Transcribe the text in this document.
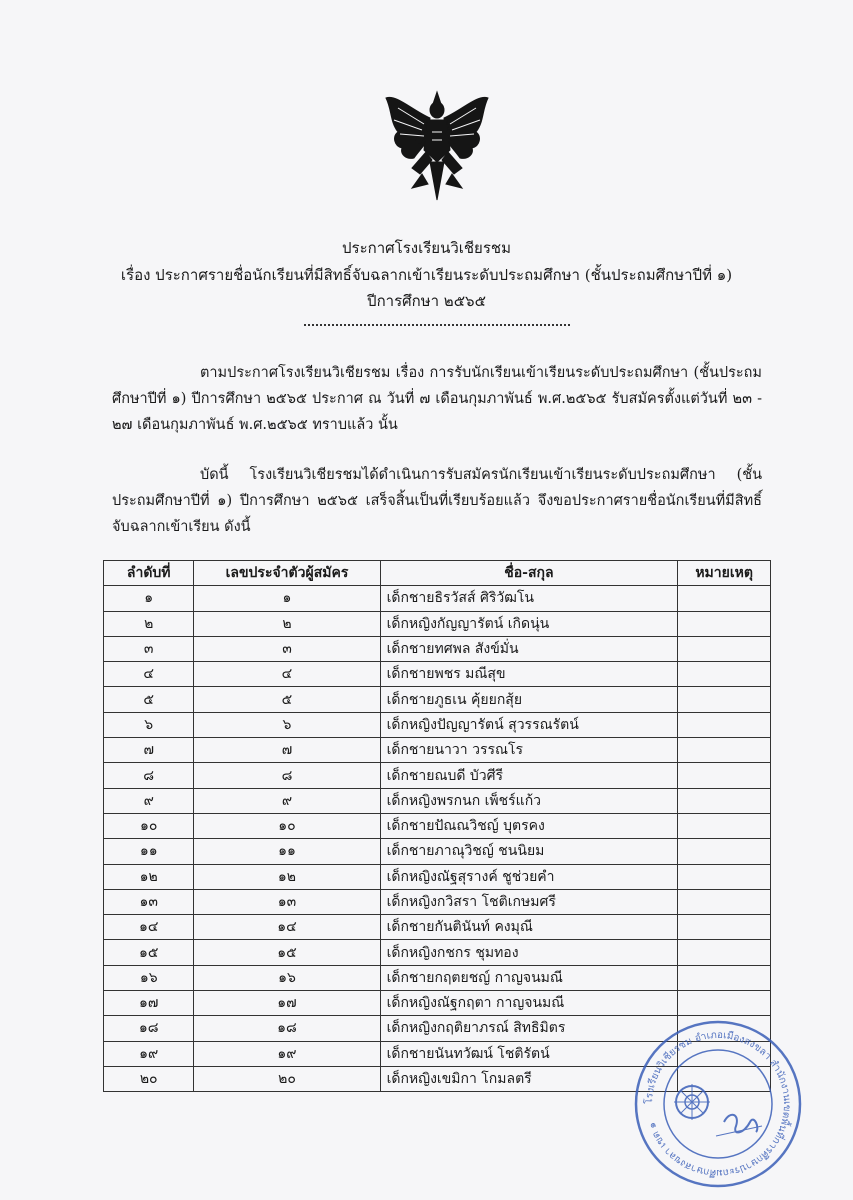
ประกาศโรงเรียนวิเชียรชม
เรื่อง ประกาศรายชื่อนักเรียนที่มีสิทธิ์จับฉลากเข้าเรียนระดับประถมศึกษา (ชั้นประถมศึกษาปีที่ ๑)
ปีการศึกษา ๒๕๖๕
ตามประกาศโรงเรียนวิเชียรชม เรื่อง การรับนักเรียนเข้าเรียนระดับประถมศึกษา (ชั้นประถมศึกษาปีที่ ๑) ปีการศึกษา ๒๕๖๕ ประกาศ ณ วันที่ ๗ เดือนกุมภาพันธ์ พ.ศ.๒๕๖๕ รับสมัครตั้งแต่วันที่ ๒๓ - ๒๗ เดือนกุมภาพันธ์ พ.ศ.๒๕๖๕ ทราบแล้ว นั้น
บัดนี้ โรงเรียนวิเชียรชมได้ดำเนินการรับสมัครนักเรียนเข้าเรียนระดับประถมศึกษา (ชั้นประถมศึกษาปีที่ ๑) ปีการศึกษา ๒๕๖๕ เสร็จสิ้นเป็นที่เรียบร้อยแล้ว จึงขอประกาศรายชื่อนักเรียนที่มีสิทธิ์จับฉลากเข้าเรียน ดังนี้
ลำดับที่	เลขประจำตัวผู้สมัคร	ชื่อ-สกุล	หมายเหตุ
๑	๑	เด็กชายธิรวัสส์ ศิริวัฒโน	
๒	๒	เด็กหญิงกัญญารัตน์ เกิดนุ่น	
๓	๓	เด็กชายทศพล สังข์มั่น	
๔	๔	เด็กชายพชร มณีสุข	
๕	๕	เด็กชายภูธเน คุ้ยยกสุ้ย	
๖	๖	เด็กหญิงปัญญารัตน์ สุวรรณรัตน์	
๗	๗	เด็กชายนาวา วรรณโร	
๘	๘	เด็กชายณบดี บัวศีรี	
๙	๙	เด็กหญิงพรกนก เพ็ชร์แก้ว	
๑๐	๑๐	เด็กชายปัณณวิชญ์ บุตรคง	
๑๑	๑๑	เด็กชายภาณุวิชญ์ ชนนิยม	
๑๒	๑๒	เด็กหญิงณัฐสุรางค์ ชูช่วยคำ	
๑๓	๑๓	เด็กหญิงกวิสรา โชติเกษมศรี	
๑๔	๑๔	เด็กชายกันตินันท์ คงมุณี	
๑๕	๑๕	เด็กหญิงกชกร ชุมทอง	
๑๖	๑๖	เด็กชายกฤตยชญ์ กาญจนมณี	
๑๗	๑๗	เด็กหญิงณัฐกฤตา กาญจนมณี	
๑๘	๑๘	เด็กหญิงกฤติยาภรณ์ สิทธิมิตร	
๑๙	๑๙	เด็กชายนันทวัฒน์ โชติรัตน์	
๒๐	๒๐	เด็กหญิงเขมิกา โกมลตรี	
โรงเรียนวิเชียรชม อำเภอเมืองสงขลา สำนักงานเขตพื้นที่การศึกษาประถมศึกษาสงขลา เขต ๑
